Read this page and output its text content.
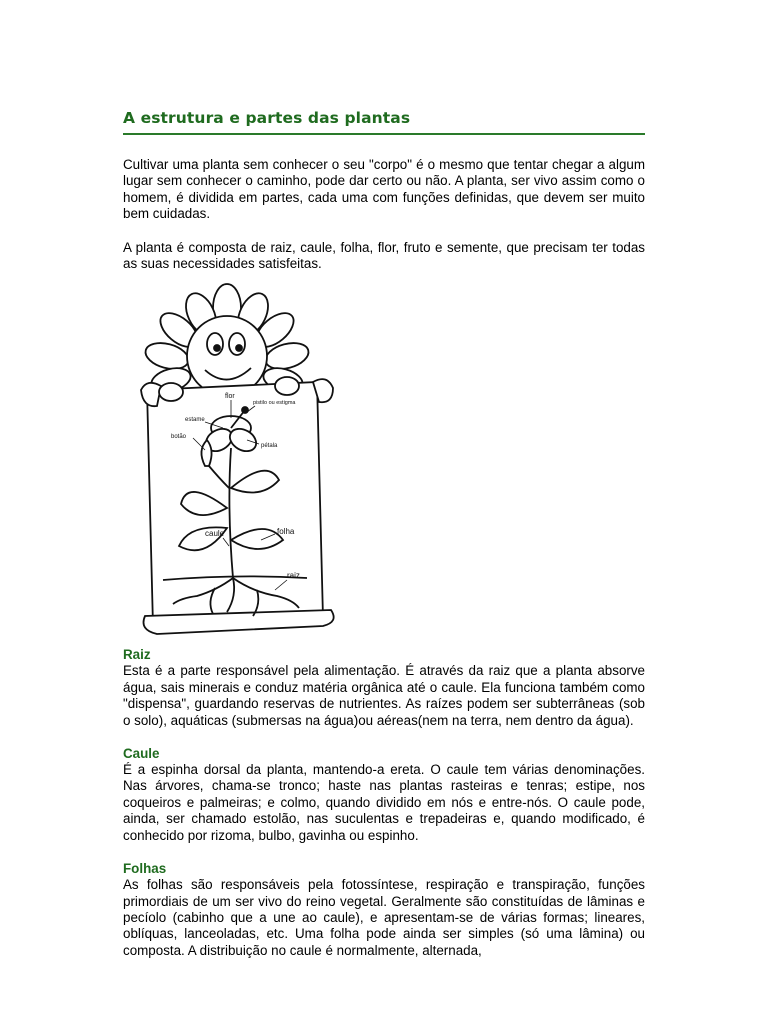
A estrutura e partes das plantas

Cultivar uma planta sem conhecer o seu "corpo" é o mesmo que tentar chegar a algum lugar sem conhecer o caminho, pode dar certo ou não. A planta, ser vivo assim como o homem, é dividida em partes, cada uma com funções definidas, que devem ser muito bem cuidadas.

A planta é composta de raiz, caule, folha, flor, fruto e semente, que precisam ter todas as suas necessidades satisfeitas.

flor
pistilo ou estigma
estame
botão
pétala
folha
caule
raiz
Raiz

Esta é a parte responsável pela alimentação. É através da raiz que a planta absorve água, sais minerais e conduz matéria orgânica até o caule. Ela funciona também como "dispensa", guardando reservas de nutrientes. As raízes podem ser subterrâneas (sob o solo), aquáticas (submersas na água)ou aéreas(nem na terra, nem dentro da água).

Caule

É a espinha dorsal da planta, mantendo-a ereta. O caule tem várias denominações. Nas árvores, chama-se tronco; haste nas plantas rasteiras e tenras; estipe, nos coqueiros e palmeiras; e colmo, quando dividido em nós e entre-nós. O caule pode, ainda, ser chamado estolão, nas suculentas e trepadeiras e, quando modificado, é conhecido por rizoma, bulbo, gavinha ou espinho.

Folhas

As folhas são responsáveis pela fotossíntese, respiração e transpiração, funções primordiais de um ser vivo do reino vegetal. Geralmente são constituídas de lâminas e pecíolo (cabinho que a une ao caule), e apresentam-se de várias formas; lineares, oblíquas, lanceoladas, etc. Uma folha pode ainda ser simples (só uma lâmina) ou composta. A distribuição no caule é normalmente, alternada,
